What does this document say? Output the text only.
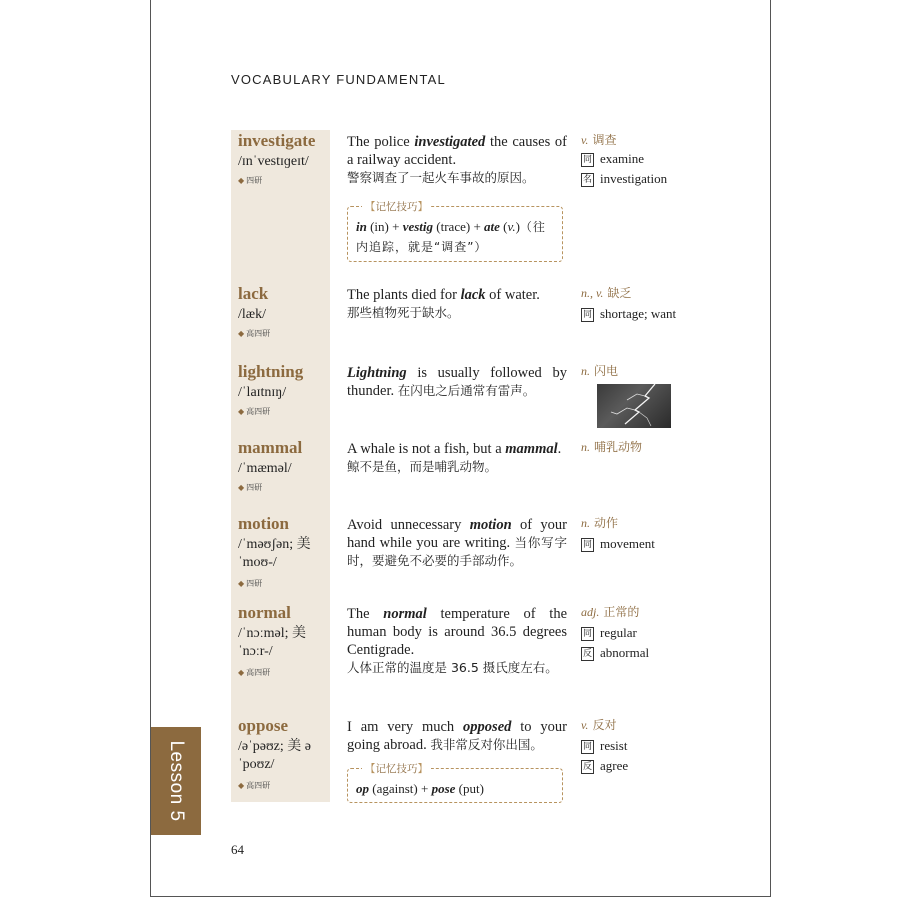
VOCABULARY FUNDAMENTAL
investigate
/ɪnˈvestɪɡeɪt/
◆ 四研
The police investigated the causes of a railway accident.
警察调查了一起火车事故的原因。
【记忆技巧】
in (in) + vestig (trace) + ate (v.)（往内追踪，就是“调查”）
v. 调查
同 examine
名 investigation
lack
/læk/
◆ 高四研
The plants died for lack of water.
那些植物死于缺水。
n., v. 缺乏
同 shortage; want
lightning
/ˈlaɪtnɪŋ/
◆ 高四研
Lightning is usually followed by thunder. 在闪电之后通常有雷声。
n. 闪电
mammal
/ˈmæməl/
◆ 四研
A whale is not a fish, but a mammal.
鲸不是鱼，而是哺乳动物。
n. 哺乳动物
motion
/ˈməʊʃən; 美 ˈmoʊ-/
◆ 四研
Avoid unnecessary motion of your hand while you are writing. 当你写字时，要避免不必要的手部动作。
n. 动作
同 movement
normal
/ˈnɔːməl; 美 ˈnɔːr-/
◆ 高四研
The normal temperature of the human body is around 36.5 degrees Centigrade.
人体正常的温度是 36.5 摄氏度左右。
adj. 正常的
同 regular
反 abnormal
oppose
/əˈpəʊz; 美 əˈpoʊz/
◆ 高四研
I am very much opposed to your going abroad. 我非常反对你出国。
【记忆技巧】
op (against) + pose (put)
v. 反对
同 resist
反 agree
Lesson 5
64
